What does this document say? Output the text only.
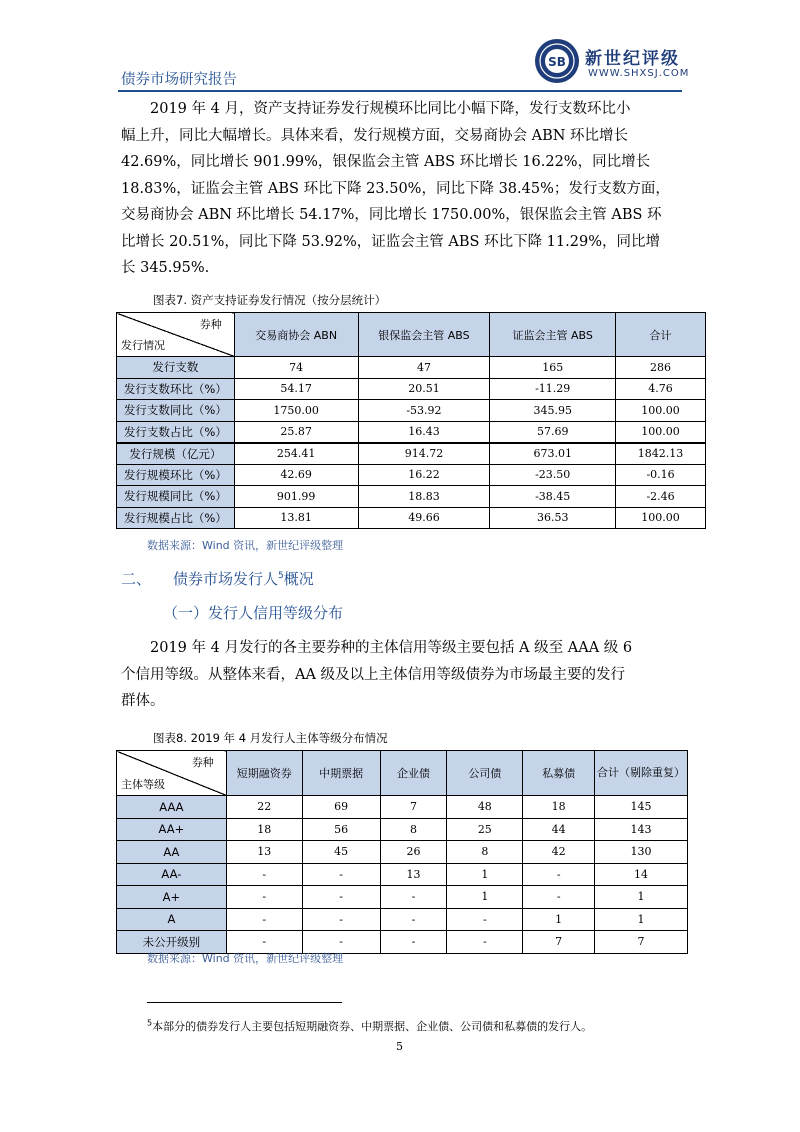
SB 新世纪评级
WWW.SHXSJ.COM
债券市场研究报告
2019 年 4 月，资产支持证券发行规模环比同比小幅下降，发行支数环比小
幅上升，同比大幅增长。具体来看，发行规模方面，交易商协会 ABN 环比增长
42.69%，同比增长 901.99%，银保监会主管 ABS 环比增长 16.22%，同比增长
18.83%，证监会主管 ABS 环比下降 23.50%，同比下降 38.45%；发行支数方面，
交易商协会 ABN 环比增长 54.17%，同比增长 1750.00%，银保监会主管 ABS 环
比增长 20.51%，同比下降 53.92%，证监会主管 ABS 环比下降 11.29%，同比增
长 345.95%.
图表7. 资产支持证券发行情况（按分层统计）
券种
发行情况	交易商协会 ABN	银保监会主管 ABS	证监会主管 ABS	合计
发行支数	74	47	165	286
发行支数环比（%）	54.17	20.51	-11.29	4.76
发行支数同比（%）	1750.00	-53.92	345.95	100.00
发行支数占比（%）	25.87	16.43	57.69	100.00
发行规模（亿元）	254.41	914.72	673.01	1842.13
发行规模环比（%）	42.69	16.22	-23.50	-0.16
发行规模同比（%）	901.99	18.83	-38.45	-2.46
发行规模占比（%）	13.81	49.66	36.53	100.00
数据来源：Wind 资讯，新世纪评级整理
二、 债券市场发行人$^5$概况
（一）发行人信用等级分布
2019 年 4 月发行的各主要券种的主体信用等级主要包括 A 级至 AAA 级 6
个信用等级。从整体来看，AA 级及以上主体信用等级债券为市场最主要的发行
群体。
图表8. 2019 年 4 月发行人主体等级分布情况
券种
主体等级	短期融资券	中期票据	企业债	公司债	私募债	合计（剔除重复）
AAA	22	69	7	48	18	145
AA+	18	56	8	25	44	143
AA	13	45	26	8	42	130
AA-	-	-	13	1	-	14
A+	-	-	-	1	-	1
A	-	-	-	-	1	1
未公开级别	-	-	-	-	7	7
数据来源：Wind 资讯，新世纪评级整理
$^5$本部分的债券发行人主要包括短期融资券、中期票据、企业债、公司债和私募债的发行人。
5
